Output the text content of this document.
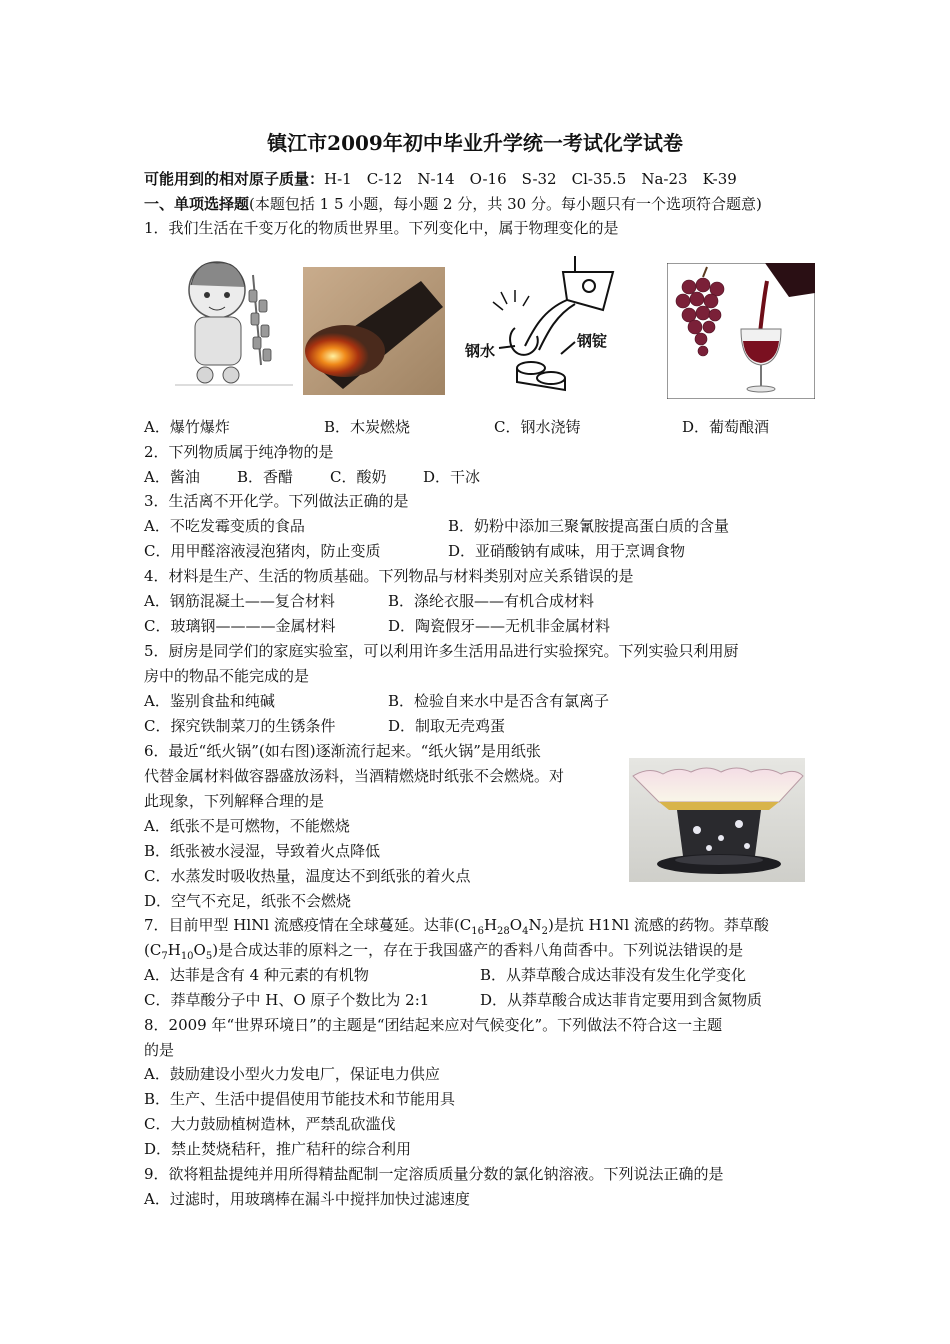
镇江市2009年初中毕业升学统一考试化学试卷
可能用到的相对原子质量：H-1　C-12　N-14　O-16　S-32　Cl-35.5　Na-23　K-39
一、单项选择题(本题包括 1 5 小题，每小题 2 分，共 30 分。每小题只有一个选项符合题意)
1．我们生活在千变万化的物质世界里。下列变化中，属于物理变化的是
钢水
钢锭
A．爆竹爆炸	B．木炭燃烧	C．钢水浇铸	D．葡萄酿酒
2．下列物质属于纯净物的是
A．酱油 B．香醋 C．酸奶 D．干冰
3．生活离不开化学。下列做法正确的是
A．不吃发霉变质的食品	B．奶粉中添加三聚氰胺提高蛋白质的含量
C．用甲醛溶液浸泡猪肉，防止变质	D．亚硝酸钠有咸味，用于烹调食物
4．材料是生产、生活的物质基础。下列物品与材料类别对应关系错误的是
A．钢筋混凝土——复合材料	B．涤纶衣服——有机合成材料
C．玻璃钢————金属材料	D．陶瓷假牙——无机非金属材料
5．厨房是同学们的家庭实验室，可以利用许多生活用品进行实验探究。下列实验只利用厨
房中的物品不能完成的是
A．鉴别食盐和纯碱	B．检验自来水中是否含有氯离子
C．探究铁制菜刀的生锈条件	D．制取无壳鸡蛋
6．最近“纸火锅”(如右图)逐渐流行起来。“纸火锅”是用纸张
代替金属材料做容器盛放汤料，当酒精燃烧时纸张不会燃烧。对
此现象，下列解释合理的是
A．纸张不是可燃物，不能燃烧
B．纸张被水浸湿，导致着火点降低
C．水蒸发时吸收热量，温度达不到纸张的着火点
D．空气不充足，纸张不会燃烧
7．目前甲型 HlNl 流感疫情在全球蔓延。达菲$(C_{16}H_{28}O_4N_2)$是抗 H1Nl 流感的药物。莽草酸
$(C_7H_{10}O_5)$是合成达菲的原料之一，存在于我国盛产的香料八角茴香中。下列说法错误的是
A．达菲是含有 4 种元素的有机物	B．从莽草酸合成达菲没有发生化学变化
C．莽草酸分子中 H、O 原子个数比为 2:1	D．从莽草酸合成达菲肯定要用到含氮物质
8．2009 年“世界环境日”的主题是“团结起来应对气候变化”。下列做法不符合这一主题
的是
A．鼓励建设小型火力发电厂，保证电力供应
B．生产、生活中提倡使用节能技术和节能用具
C．大力鼓励植树造林，严禁乱砍滥伐
D．禁止焚烧秸秆，推广秸秆的综合利用
9．欲将粗盐提纯并用所得精盐配制一定溶质质量分数的氯化钠溶液。下列说法正确的是
A．过滤时，用玻璃棒在漏斗中搅拌加快过滤速度
